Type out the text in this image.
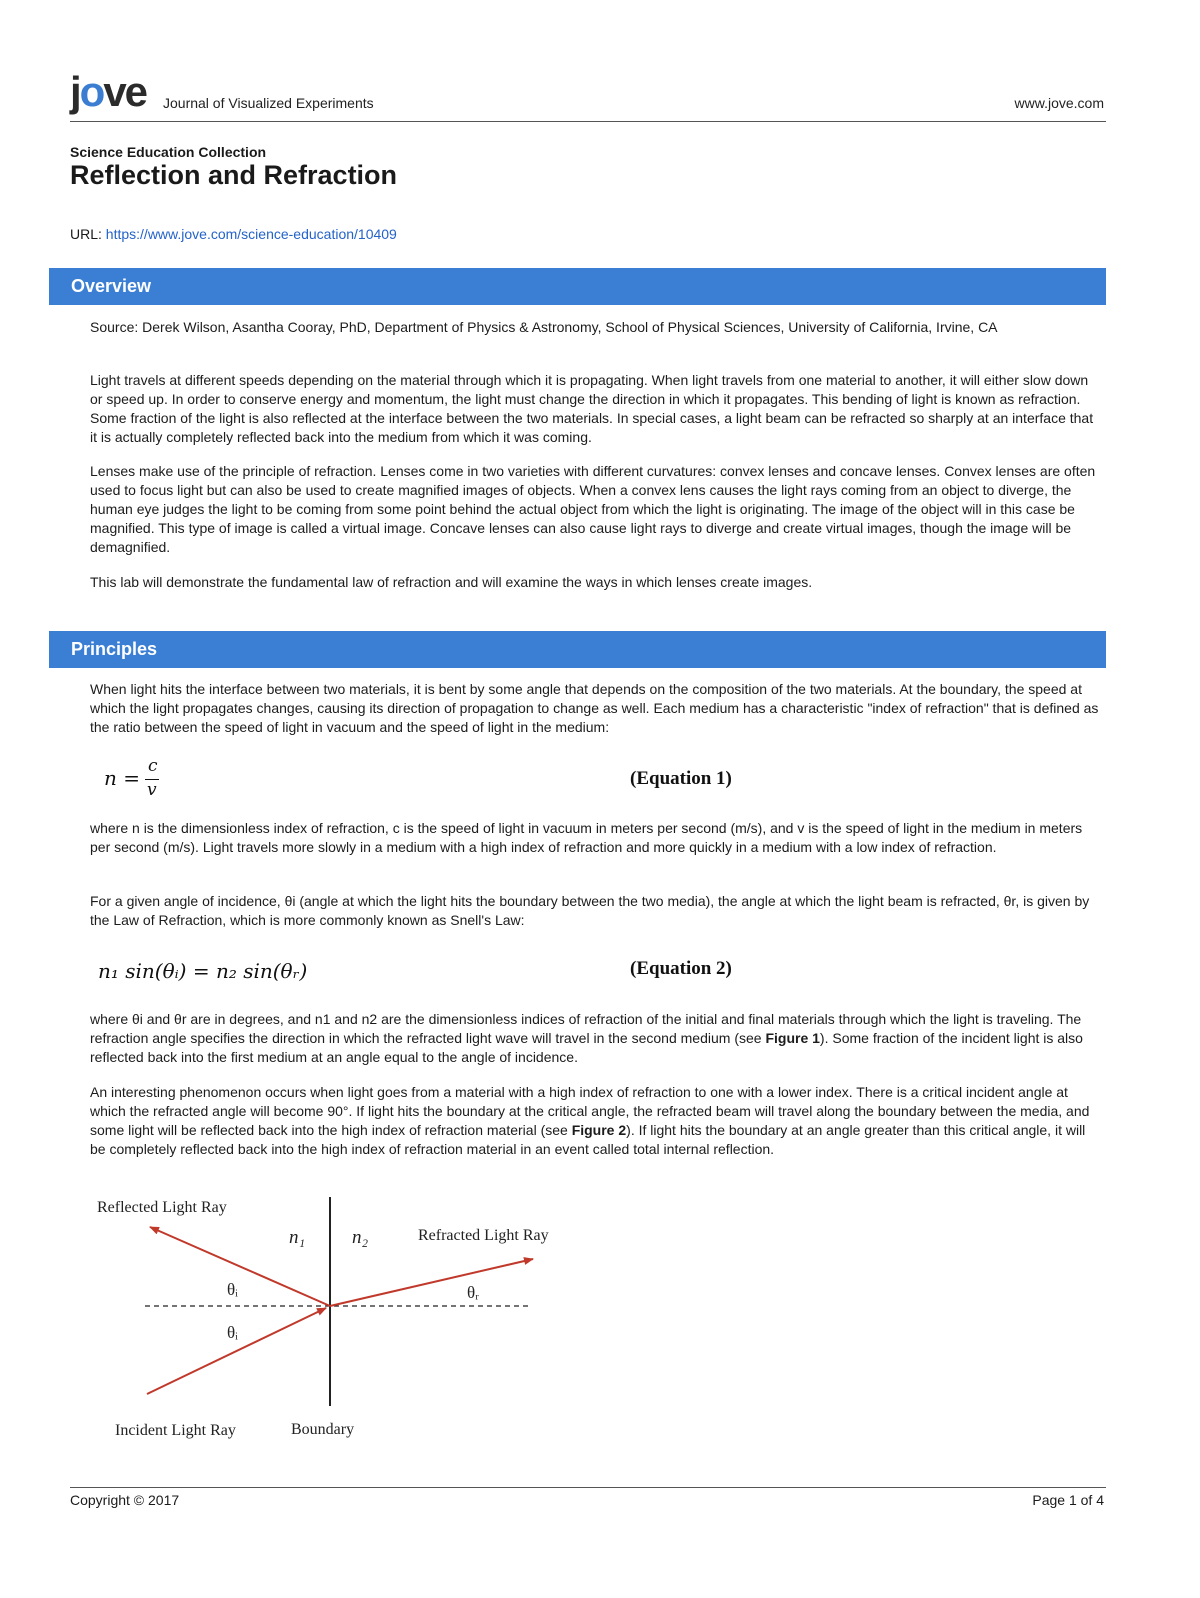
jove Journal of Visualized Experiments	www.jove.com
Science Education Collection
Reflection and Refraction
URL: https://www.jove.com/science-education/10409
Overview
Source: Derek Wilson, Asantha Cooray, PhD, Department of Physics & Astronomy, School of Physical Sciences, University of California, Irvine, CA
Light travels at different speeds depending on the material through which it is propagating. When light travels from one material to another, it will either slow down or speed up. In order to conserve energy and momentum, the light must change the direction in which it propagates. This bending of light is known as refraction. Some fraction of the light is also reflected at the interface between the two materials. In special cases, a light beam can be refracted so sharply at an interface that it is actually completely reflected back into the medium from which it was coming.
Lenses make use of the principle of refraction. Lenses come in two varieties with different curvatures: convex lenses and concave lenses. Convex lenses are often used to focus light but can also be used to create magnified images of objects. When a convex lens causes the light rays coming from an object to diverge, the human eye judges the light to be coming from some point behind the actual object from which the light is originating. The image of the object will in this case be magnified. This type of image is called a virtual image. Concave lenses can also cause light rays to diverge and create virtual images, though the image will be demagnified.
This lab will demonstrate the fundamental law of refraction and will examine the ways in which lenses create images.
Principles
When light hits the interface between two materials, it is bent by some angle that depends on the composition of the two materials. At the boundary, the speed at which the light propagates changes, causing its direction of propagation to change as well. Each medium has a characteristic "index of refraction" that is defined as the ratio between the speed of light in vacuum and the speed of light in the medium:
n = c
v
(Equation 1)
where n is the dimensionless index of refraction, c is the speed of light in vacuum in meters per second (m/s), and v is the speed of light in the medium in meters per second (m/s). Light travels more slowly in a medium with a high index of refraction and more quickly in a medium with a low index of refraction.
For a given angle of incidence, θi (angle at which the light hits the boundary between the two media), the angle at which the light beam is refracted, θr, is given by the Law of Refraction, which is more commonly known as Snell's Law:
n₁ sin(θᵢ) = n₂ sin(θᵣ)	(Equation 2)
where θi and θr are in degrees, and n1 and n2 are the dimensionless indices of refraction of the initial and final materials through which the light is traveling. The refraction angle specifies the direction in which the refracted light wave will travel in the second medium (see Figure 1). Some fraction of the incident light is also reflected back into the first medium at an angle equal to the angle of incidence.
An interesting phenomenon occurs when light goes from a material with a high index of refraction to one with a lower index. There is a critical incident angle at which the refracted angle will become 90°. If light hits the boundary at the critical angle, the refracted beam will travel along the boundary between the media, and some light will be reflected back into the high index of refraction material (see Figure 2). If light hits the boundary at an angle greater than this critical angle, it will be completely reflected back into the high index of refraction material in an event called total internal reflection.
Reflected Light Ray
Refracted Light Ray
Incident Light Ray	Boundary
n₁ n₂
θᵢ
θᵢ
θᵣ
Copyright © 2017	Page 1 of 4
